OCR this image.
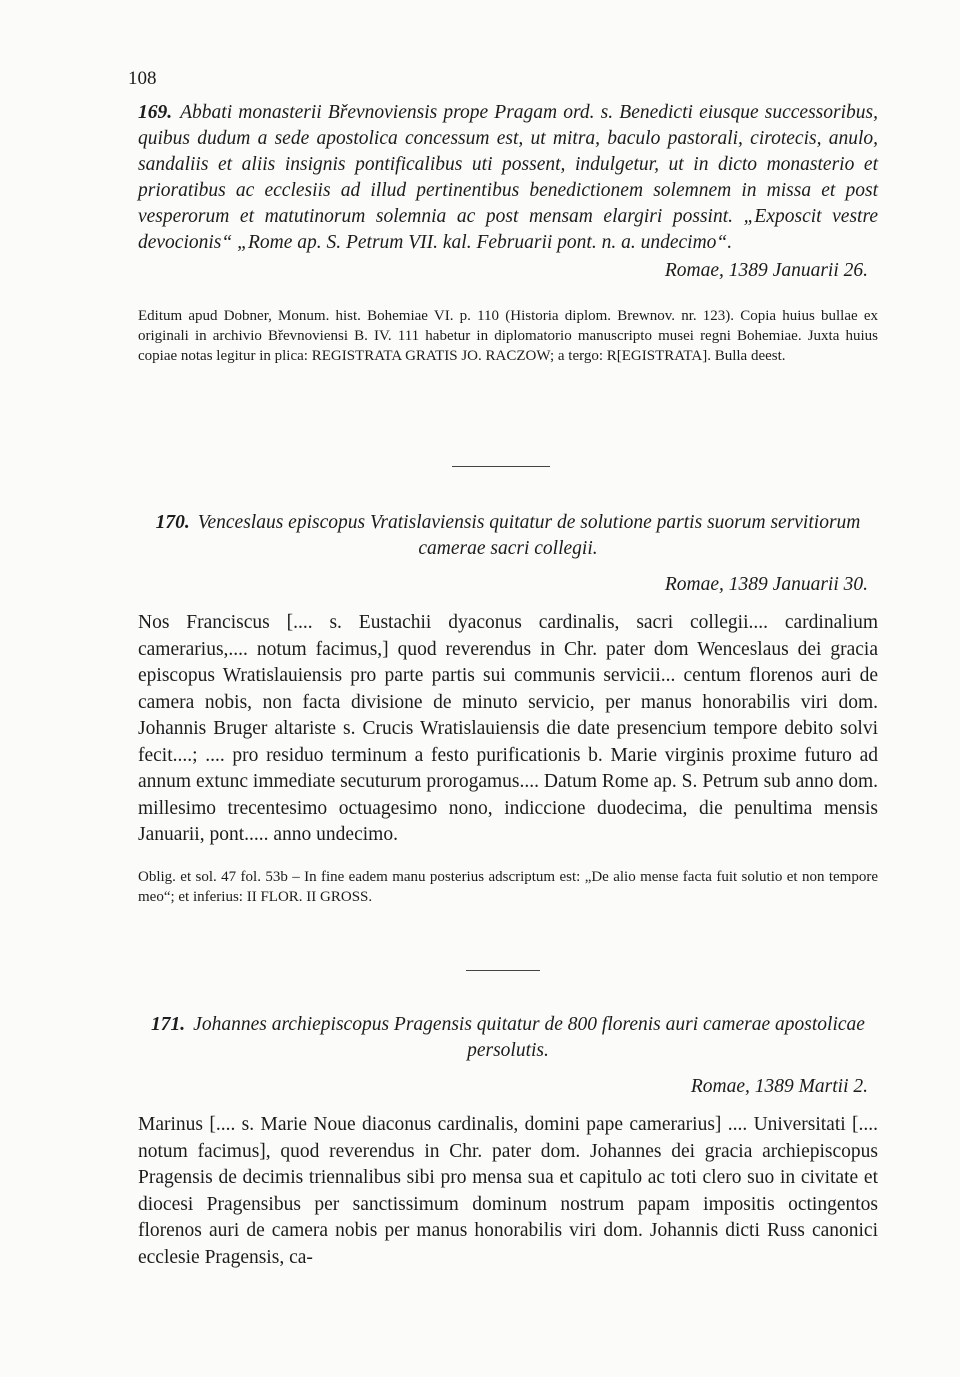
108
169. Abbati monasterii Břevnoviensis prope Pragam ord. s. Benedicti eiusque successoribus, quibus dudum a sede apostolica concessum est, ut mitra, baculo pastorali, cirotecis, anulo, sandaliis et aliis insignis pontificalibus uti possent, indulgetur, ut in dicto monasterio et prioratibus ac ecclesiis ad illud pertinentibus benedictionem solemnem in missa et post vesperorum et matutinorum solemnia ac post mensam elargiri possint. „Exposcit vestre devocionis“ „Rome ap. S. Petrum VII. kal. Februarii pont. n. a. undecimo“.
Romae, 1389 Januarii 26.
Editum apud Dobner, Monum. hist. Bohemiae VI. p. 110 (Historia diplom. Brewnov. nr. 123). Copia huius bullae ex originali in archivio Břevnoviensi B. IV. 111 habetur in diplomatorio manuscripto musei regni Bohemiae. Juxta huius copiae notas legitur in plica: REGISTRATA GRATIS JO. RACZOW; a tergo: R[EGISTRATA]. Bulla deest.
170. Venceslaus episcopus Vratislaviensis quitatur de solutione partis suorum servitiorum camerae sacri collegii.
Romae, 1389 Januarii 30.
Nos Franciscus [.... s. Eustachii dyaconus cardinalis, sacri collegii.... cardinalium camerarius,.... notum facimus,] quod reverendus in Chr. pater dom Wenceslaus dei gracia episcopus Wratislauiensis pro parte partis sui communis servicii... centum florenos auri de camera nobis, non facta divisione de minuto servicio, per manus honorabilis viri dom. Johannis Bruger altariste s. Crucis Wratislauiensis die date presencium tempore debito solvi fecit....; .... pro residuo terminum a festo purificationis b. Marie virginis proxime futuro ad annum extunc immediate secuturum prorogamus.... Datum Rome ap. S. Petrum sub anno dom. millesimo trecentesimo octuagesimo nono, indiccione duodecima, die penultima mensis Januarii, pont..... anno undecimo.
Oblig. et sol. 47 fol. 53b – In fine eadem manu posterius adscriptum est: „De alio mense facta fuit solutio et non tempore meo“; et inferius: II FLOR. II GROSS.
171. Johannes archiepiscopus Pragensis quitatur de 800 florenis auri camerae apostolicae persolutis.
Romae, 1389 Martii 2.
Marinus [.... s. Marie Noue diaconus cardinalis, domini pape camerarius] .... Universitati [.... notum facimus], quod reverendus in Chr. pater dom. Johannes dei gracia archiepiscopus Pragensis de decimis triennalibus sibi pro mensa sua et capitulo ac toti clero suo in civitate et diocesi Pragensibus per sanctissimum dominum nostrum papam impositis octingentos florenos auri de camera nobis per manus honorabilis viri dom. Johannis dicti Russ canonici ecclesie Pragensis, ca-
